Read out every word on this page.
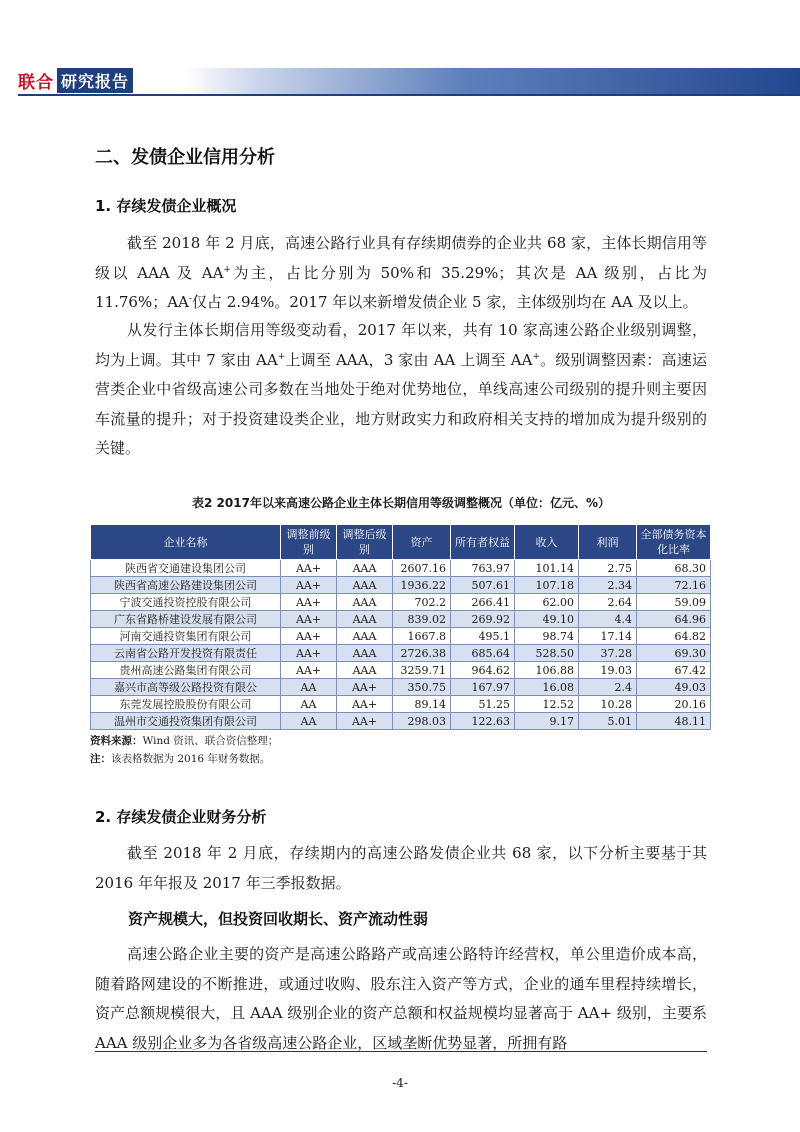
联合 研究报告
二、发债企业信用分析
1. 存续发债企业概况

截至 2018 年 2 月底，高速公路行业具有存续期债券的企业共 68 家，主体长期信用等级以 AAA 及 AA+为主，占比分别为 50%和 35.29%；其次是 AA 级别，占比为 11.76%；AA-仅占 2.94%。2017 年以来新增发债企业 5 家，主体级别均在 AA 及以上。

从发行主体长期信用等级变动看，2017 年以来，共有 10 家高速公路企业级别调整，均为上调。其中 7 家由 AA+上调至 AAA，3 家由 AA 上调至 AA+。级别调整因素：高速运营类企业中省级高速公司多数在当地处于绝对优势地位，单线高速公司级别的提升则主要因车流量的提升；对于投资建设类企业，地方财政实力和政府相关支持的增加成为提升级别的关键。

表2 2017年以来高速公路企业主体长期信用等级调整概况（单位：亿元、%）
企业名称	调整前级别	调整后级别	资产	所有者权益	收入	利润	全部债务资本化比率
陕西省交通建设集团公司	AA+	AAA	2607.16	763.97	101.14	2.75	68.30
陕西省高速公路建设集团公司	AA+	AAA	1936.22	507.61	107.18	2.34	72.16
宁波交通投资控股有限公司	AA+	AAA	702.2	266.41	62.00	2.64	59.09
广东省路桥建设发展有限公司	AA+	AAA	839.02	269.92	49.10	4.4	64.96
河南交通投资集团有限公司	AA+	AAA	1667.8	495.1	98.74	17.14	64.82
云南省公路开发投资有限责任	AA+	AAA	2726.38	685.64	528.50	37.28	69.30
贵州高速公路集团有限公司	AA+	AAA	3259.71	964.62	106.88	19.03	67.42
嘉兴市高等级公路投资有限公	AA	AA+	350.75	167.97	16.08	2.4	49.03
东莞发展控股股份有限公司	AA	AA+	89.14	51.25	12.52	10.28	20.16
温州市交通投资集团有限公司	AA	AA+	298.03	122.63	9.17	5.01	48.11
资料来源：Wind 资讯、联合资信整理；
注：该表格数据为 2016 年财务数据。
2. 存续发债企业财务分析

截至 2018 年 2 月底，存续期内的高速公路发债企业共 68 家，以下分析主要基于其 2016 年年报及 2017 年三季报数据。

资产规模大，但投资回收期长、资产流动性弱

高速公路企业主要的资产是高速公路路产或高速公路特许经营权，单公里造价成本高，随着路网建设的不断推进，或通过收购、股东注入资产等方式，企业的通车里程持续增长，资产总额规模很大，且 AAA 级别企业的资产总额和权益规模均显著高于 AA+ 级别，主要系 AAA 级别企业多为各省级高速公路企业，区域垄断优势显著，所拥有路

-4-
